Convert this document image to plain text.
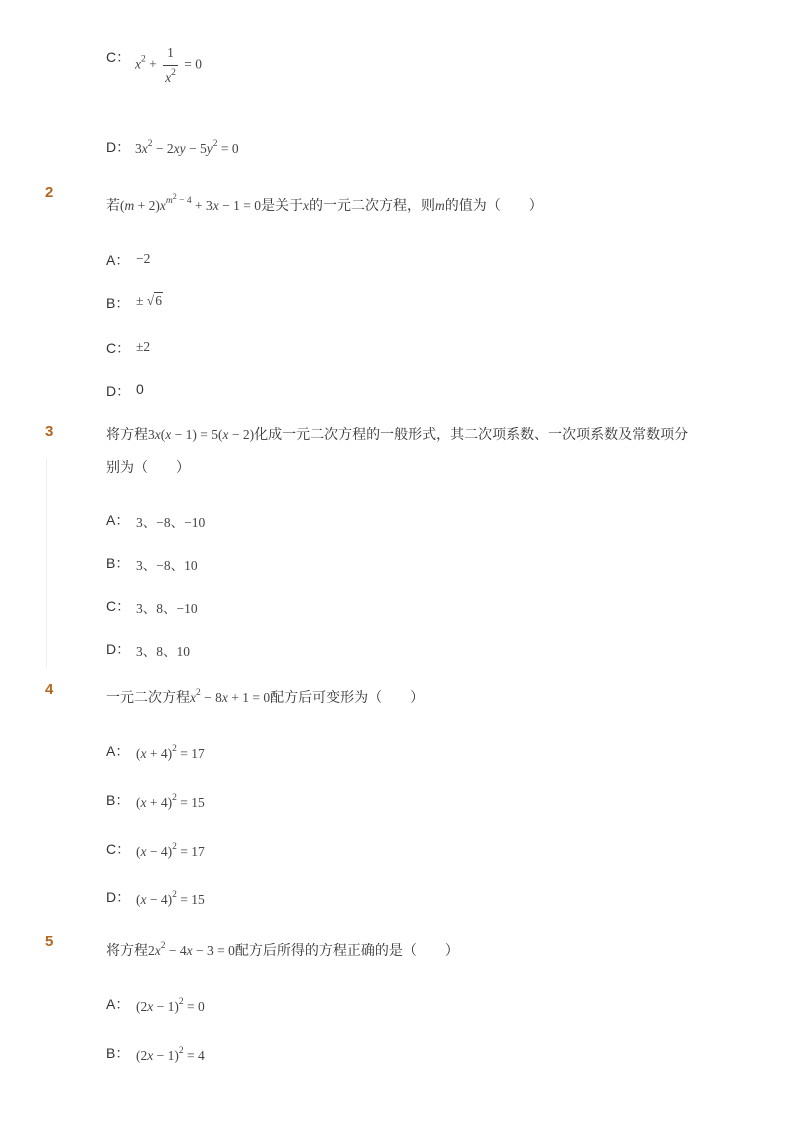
C： $x^2 + \frac{1}{x^2} = 0$
D： $3x^2 - 2xy - 5y^2 = 0$
2
若$(m + 2)x^{m^2 - 4} + 3x - 1 = 0$是关于x的一元二次方程，则m的值为（　　）
A： −2
B： ± √6
C： ±2
D： 0
3	将方程3x(x − 1) = 5(x − 2)化成一元二次方程的一般形式，其二次项系数、一次项系数及常数项分
别为（　　）
A： 3、−8、−10
B： 3、−8、10
C： 3、8、−10
D： 3、8、10
4	一元二次方程$x^2 - 8x + 1 = 0$配方后可变形为（　　）
A： $(x + 4)^2 = 17$
B： $(x + 4)^2 = 15$
C： $(x - 4)^2 = 17$
D： $(x - 4)^2 = 15$
5
将方程$2x^2 - 4x - 3 = 0$配方后所得的方程正确的是（　　）
A： $(2x - 1)^2 = 0$
B： $(2x - 1)^2 = 4$
